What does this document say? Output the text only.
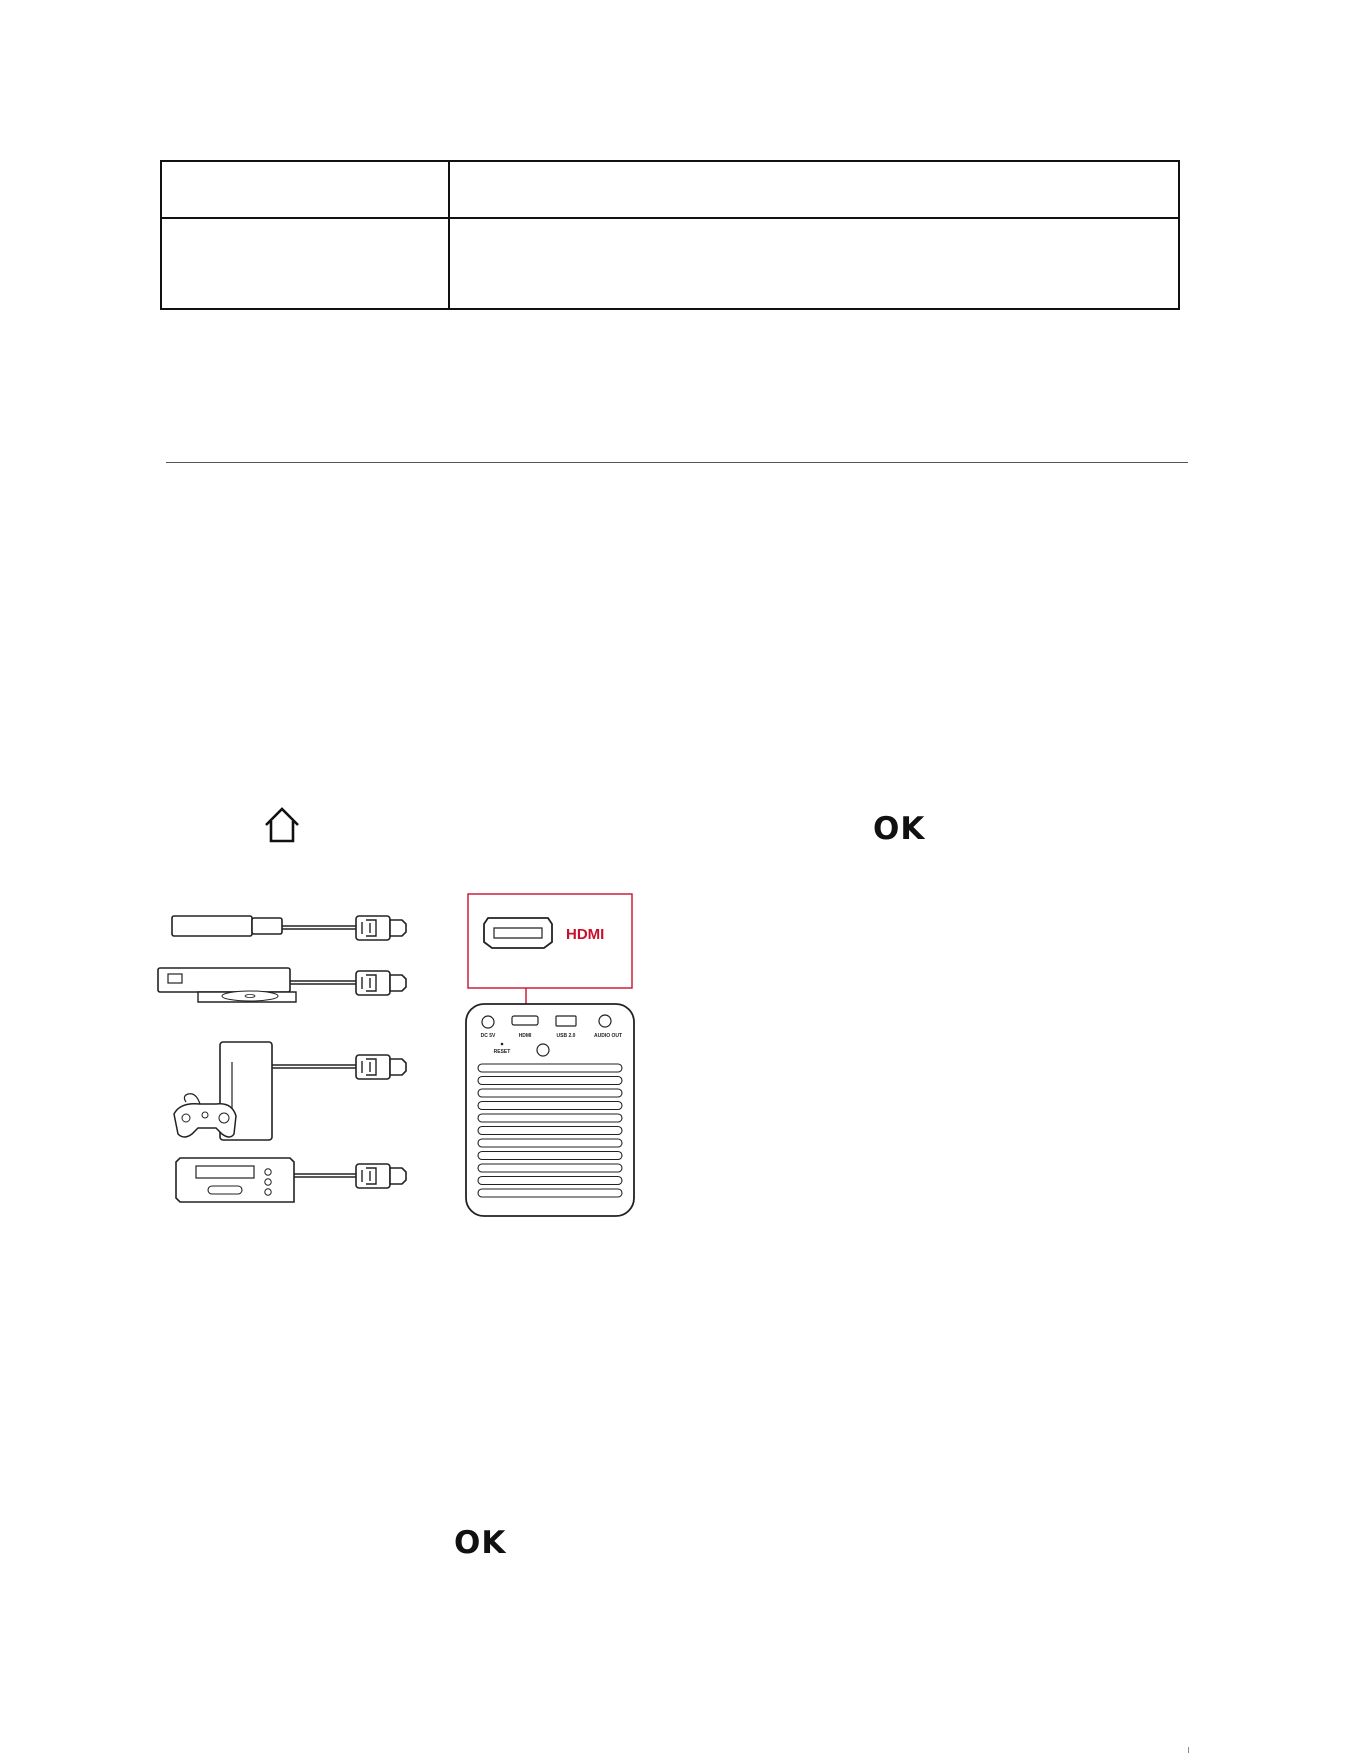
OK
HDMI
DC 5V	HDMI	USB 2.0	AUDIO OUT
RESET
OK
